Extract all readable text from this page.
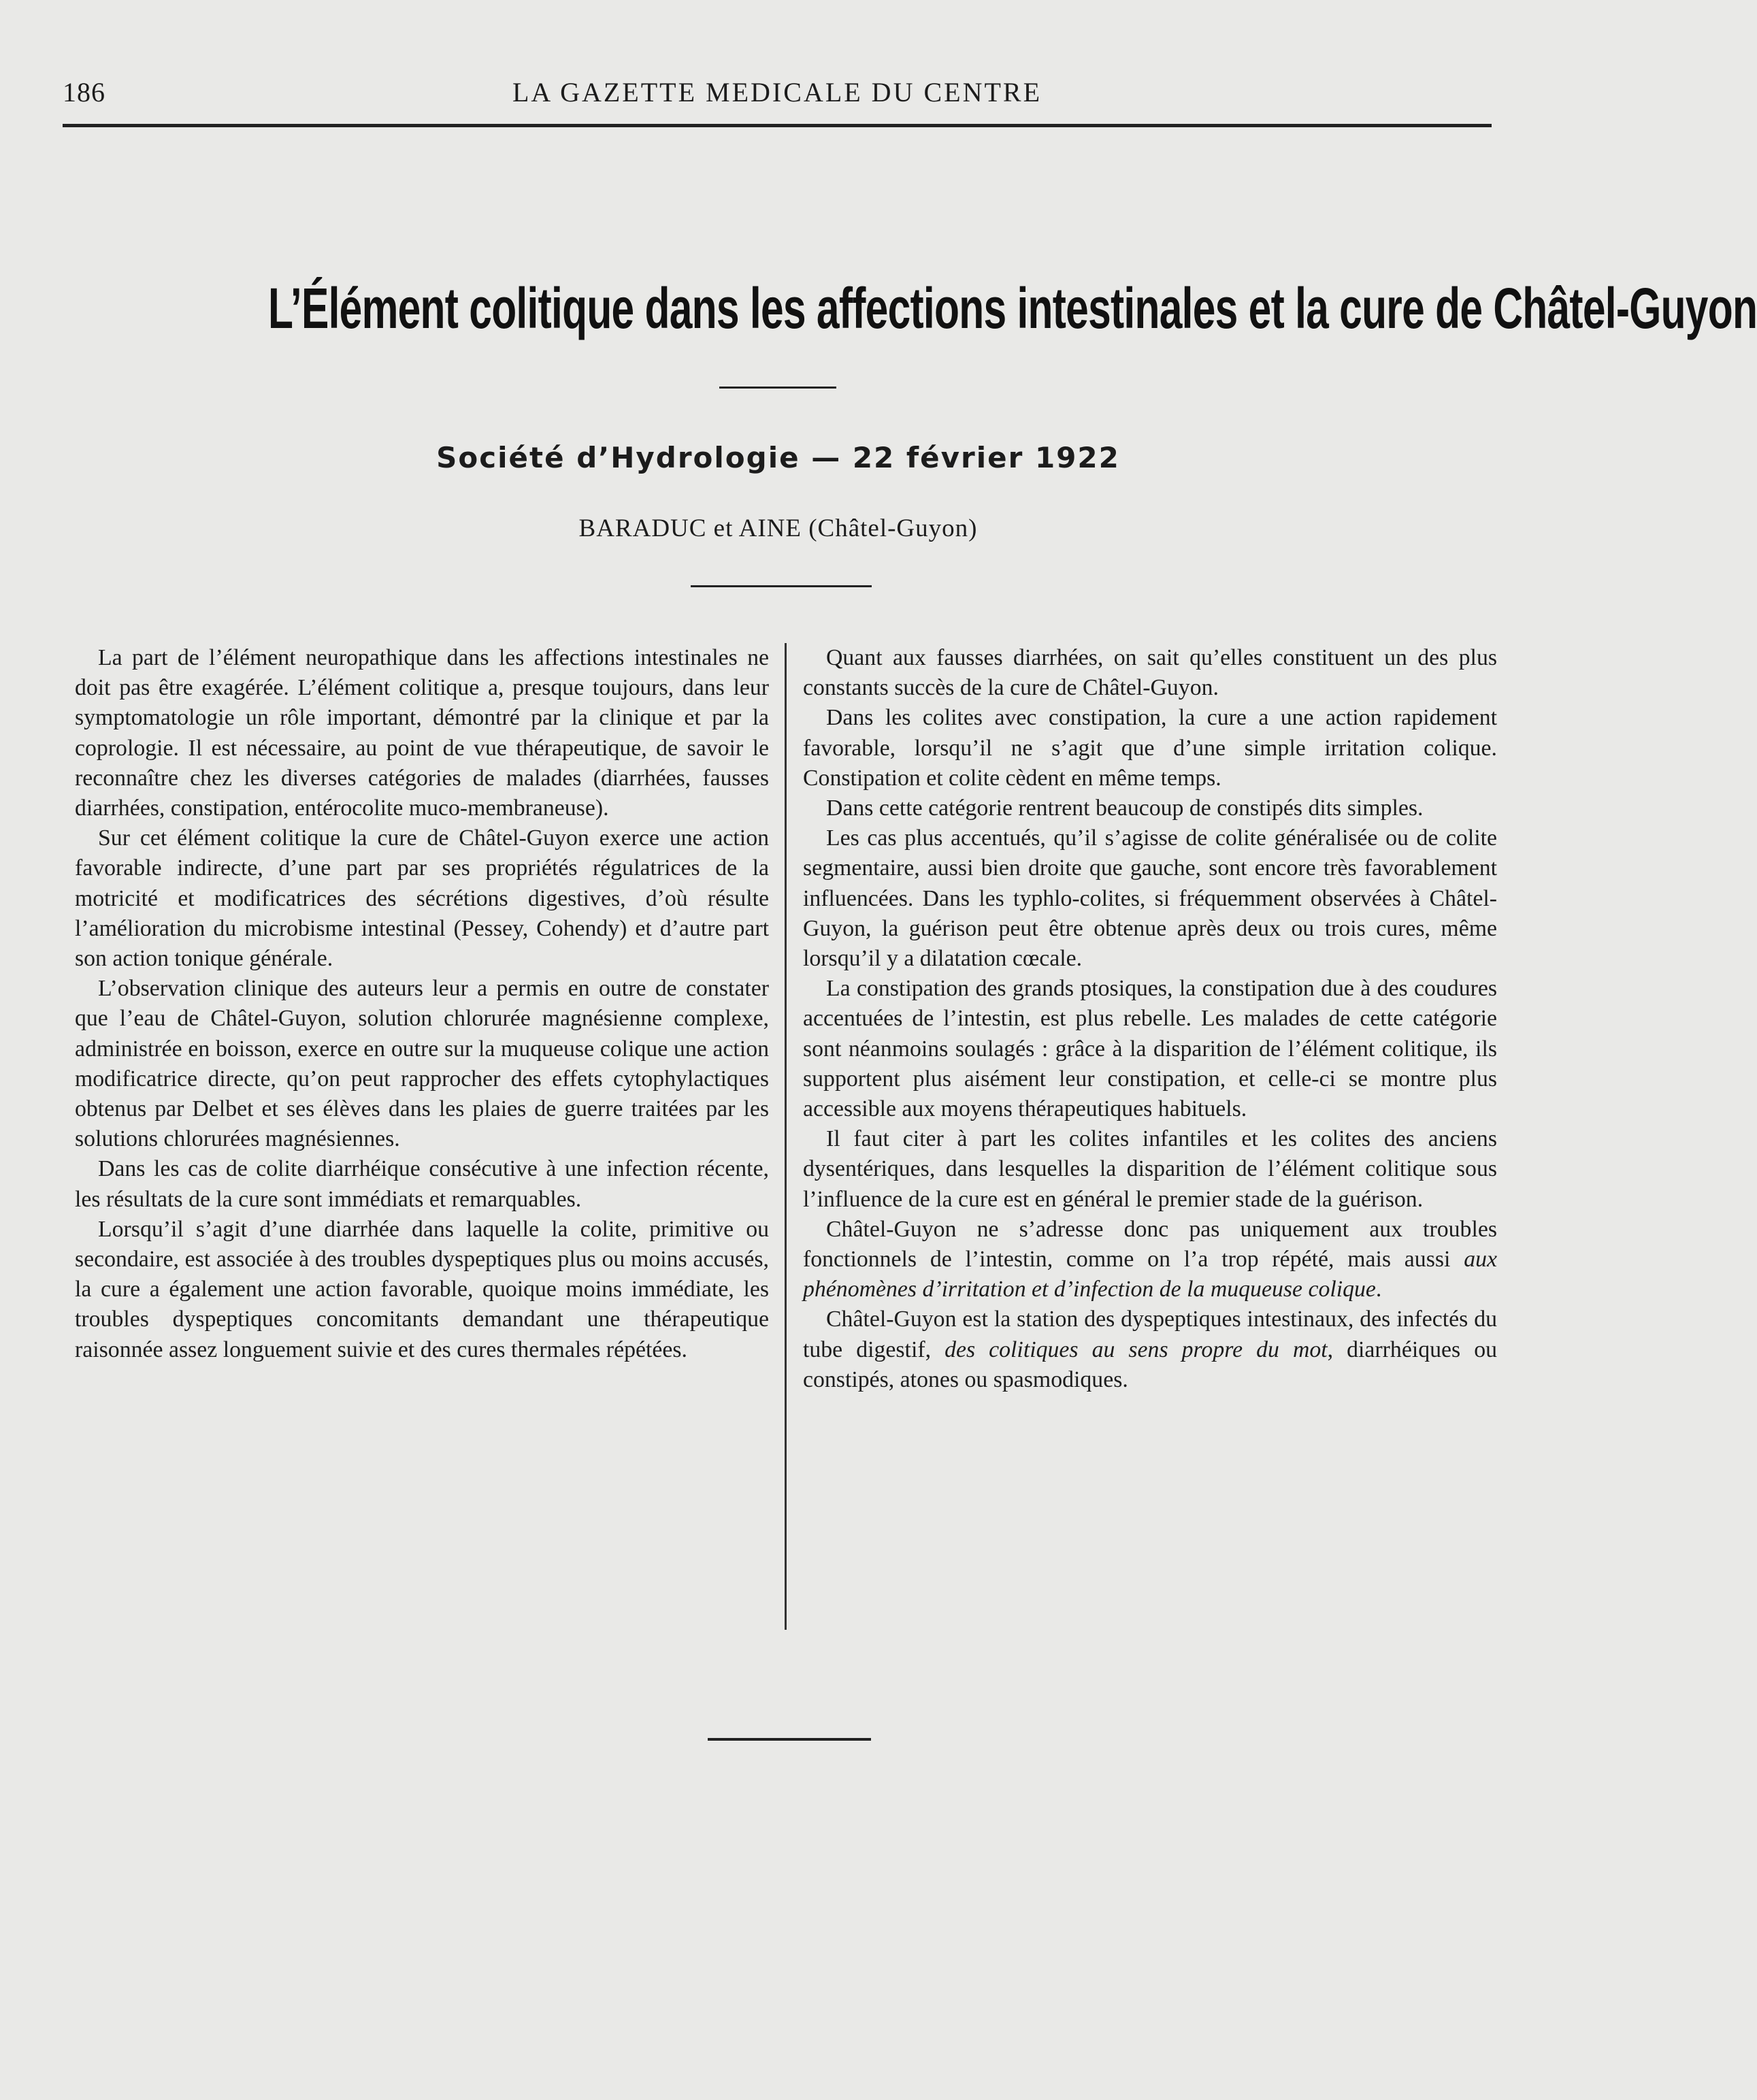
186	LA GAZETTE MEDICALE DU CENTRE
L’Élément colitique dans les affections intestinales et la cure de Châtel-Guyon
Société d’Hydrologie — 22 février 1922
BARADUC et AINE (Châtel-Guyon)

La part de l’élément neuropathique dans les affections intestinales ne doit pas être exagérée. L’élément colitique a, presque toujours, dans leur symptomatologie un rôle important, démontré par la clinique et par la coprologie. Il est nécessaire, au point de vue thérapeutique, de savoir le reconnaître chez les diverses catégories de malades (diarrhées, fausses diarrhées, constipation, entérocolite muco-membraneuse).

Sur cet élément colitique la cure de Châtel-Guyon exerce une action favorable indirecte, d’une part par ses propriétés régulatrices de la motricité et modificatrices des sécrétions digestives, d’où résulte l’amélioration du microbisme intestinal (Pessey, Cohendy) et d’autre part son action tonique générale.

L’observation clinique des auteurs leur a permis en outre de constater que l’eau de Châtel-Guyon, solution chlorurée magnésienne complexe, administrée en boisson, exerce en outre sur la muqueuse colique une action modificatrice directe, qu’on peut rapprocher des effets cytophylactiques obtenus par Delbet et ses élèves dans les plaies de guerre traitées par les solutions chlorurées magnésiennes.

Dans les cas de colite diarrhéique consécutive à une infection récente, les résultats de la cure sont immédiats et remarquables.

Lorsqu’il s’agit d’une diarrhée dans laquelle la colite, primitive ou secondaire, est associée à des troubles dyspeptiques plus ou moins accusés, la cure a également une action favorable, quoique moins immédiate, les troubles dyspeptiques concomitants demandant une thérapeutique raisonnée assez longuement suivie et des cures thermales répétées.

Quant aux fausses diarrhées, on sait qu’elles constituent un des plus constants succès de la cure de Châtel-Guyon.

Dans les colites avec constipation, la cure a une action rapidement favorable, lorsqu’il ne s’agit que d’une simple irritation colique. Constipation et colite cèdent en même temps.

Dans cette catégorie rentrent beaucoup de constipés dits simples.

Les cas plus accentués, qu’il s’agisse de colite généralisée ou de colite segmentaire, aussi bien droite que gauche, sont encore très favorablement influencées. Dans les typhlo-colites, si fréquemment observées à Châtel-Guyon, la guérison peut être obtenue après deux ou trois cures, même lorsqu’il y a dilatation cœcale.

La constipation des grands ptosiques, la constipation due à des coudures accentuées de l’intestin, est plus rebelle. Les malades de cette catégorie sont néanmoins soulagés : grâce à la disparition de l’élément colitique, ils supportent plus aisément leur constipation, et celle-ci se montre plus accessible aux moyens thérapeutiques habituels.

Il faut citer à part les colites infantiles et les colites des anciens dysentériques, dans lesquelles la disparition de l’élément colitique sous l’influence de la cure est en général le premier stade de la guérison.

Châtel-Guyon ne s’adresse donc pas uniquement aux troubles fonctionnels de l’intestin, comme on l’a trop répété, mais aussi aux phénomènes d’irritation et d’infection de la muqueuse colique.

Châtel-Guyon est la station des dyspeptiques intestinaux, des infectés du tube digestif, des colitiques au sens propre du mot, diarrhéiques ou constipés, atones ou spasmodiques.
